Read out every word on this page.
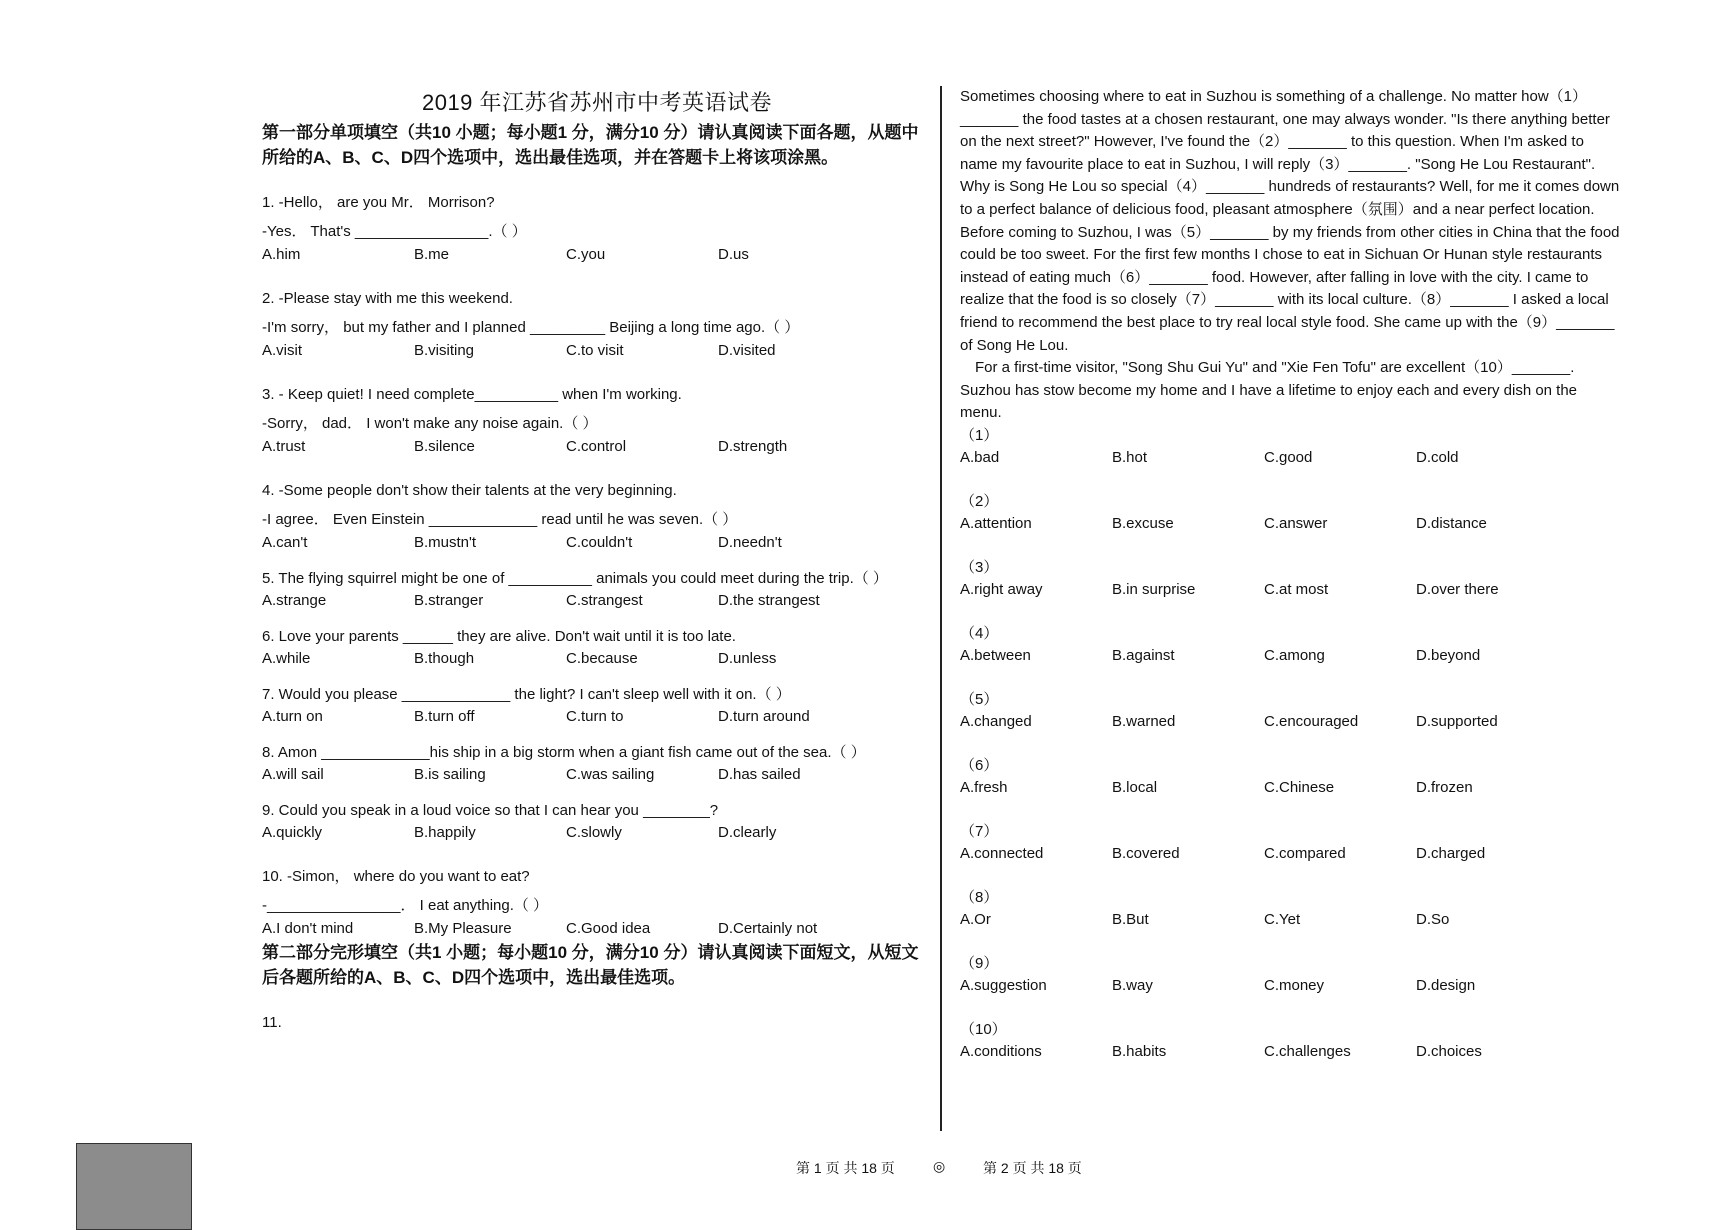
2019 年江苏省苏州市中考英语试卷

第一部分单项填空（共10 小题；每小题1 分，满分10 分）请认真阅读下面各题，从题中所给的A、B、C、D四个选项中，选出最佳选项，并在答题卡上将该项涂黑。

1. -Hello， are you Mr． Morrison?

-Yes． That's ________________.（ ）

A.him	B.me	C.you	D.us

2. -Please stay with me this weekend.

-I'm sorry， but my father and I planned _________ Beijing a long time ago.（ ）

A.visit	B.visiting	C.to visit	D.visited

3. - Keep quiet! I need complete__________ when I'm working.

-Sorry， dad． I won't make any noise again.（ ）

A.trust	B.silence	C.control	D.strength

4. -Some people don't show their talents at the very beginning.

-I agree． Even Einstein _____________ read until he was seven.（ ）

A.can't	B.mustn't	C.couldn't	D.needn't

5. The flying squirrel might be one of __________ animals you could meet during the trip.（ ）

A.strange	B.stranger	C.strangest	D.the strangest

6. Love your parents ______ they are alive. Don't wait until it is too late.

A.while	B.though	C.because	D.unless

7. Would you please _____________ the light? I can't sleep well with it on.（ ）

A.turn on	B.turn off	C.turn to	D.turn around

8. Amon _____________his ship in a big storm when a giant fish came out of the sea.（ ）

A.will sail	B.is sailing	C.was sailing	D.has sailed

9. Could you speak in a loud voice so that I can hear you ________?

A.quickly	B.happily	C.slowly	D.clearly

10. -Simon， where do you want to eat?

-________________． I eat anything.（ ）

A.I don't mind	B.My Pleasure	C.Good idea	D.Certainly not

第二部分完形填空（共1 小题；每小题10 分，满分10 分）请认真阅读下面短文，从短文后各题所给的A、B、C、D四个选项中，选出最佳选项。

11.

Sometimes choosing where to eat in Suzhou is something of a challenge. No matter how（1）_______ the food tastes at a chosen restaurant, one may always wonder. "Is there anything better on the next street?" However, I've found the（2）_______ to this question. When I'm asked to name my favourite place to eat in Suzhou, I will reply（3）_______. "Song He Lou Restaurant". Why is Song He Lou so special（4）_______ hundreds of restaurants? Well, for me it comes down to a perfect balance of delicious food, pleasant atmosphere（氛围）and a near perfect location.

Before coming to Suzhou, I was（5）_______ by my friends from other cities in China that the food could be too sweet. For the first few months I chose to eat in Sichuan Or Hunan style restaurants instead of eating much（6）_______ food. However, after falling in love with the city. I came to realize that the food is so closely（7）_______ with its local culture.（8）_______ I asked a local friend to recommend the best place to try real local style food. She came up with the（9）_______ of Song He Lou.

　For a first-time visitor, "Song Shu Gui Yu" and "Xie Fen Tofu" are excellent（10）_______. Suzhou has stow become my home and I have a lifetime to enjoy each and every dish on the menu.

（1）
A.bad	B.hot	C.good	D.cold
（2）
A.attention	B.excuse	C.answer	D.distance
（3）
A.right away	B.in surprise	C.at most	D.over there
（4）
A.between	B.against	C.among	D.beyond
（5）
A.changed	B.warned	C.encouraged	D.supported
（6）
A.fresh	B.local	C.Chinese	D.frozen
（7）
A.connected	B.covered	C.compared	D.charged
（8）
A.Or	B.But	C.Yet	D.So
（9）
A.suggestion	B.way	C.money	D.design
（10）
A.conditions	B.habits	C.challenges	D.choices
第 1 页 共 18 页	◎	第 2 页 共 18 页
